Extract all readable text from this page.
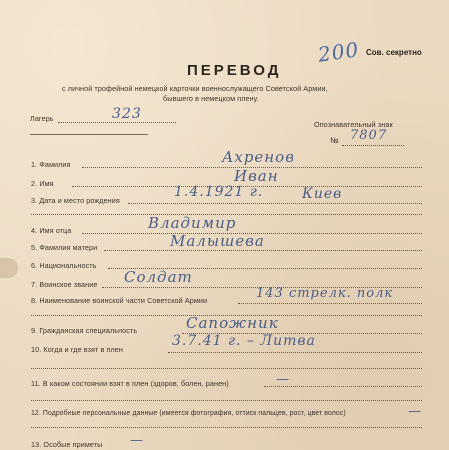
200 Сов. секретно
ПЕРЕВОД
с личной трофейной немецкой карточки военнослужащего Советской Армии,
бывшего в немецком плену.
Лагерь	323
Опознавательный знак
№ 7807
1. Фамилия	Ахренов
2. Имя	Иван
3. Дата и место рождения
1.4.1921 г.	Киев
4. Имя отца	Владимир
5. Фамилия матери	Малышева
6. Национальность
7. Воинское звание Солдат
8. Наименование воинской части Советской Армии	143 стрелк. полк
9. Гражданская специальность	Сапожник
10. Когда и где взят в плен
3.7.41 г. – Литва
11. В каком состоянии взят в плен (здоров, болен, ранен)	—
12. Подробные персональные данные (имеется фотография, оттиск пальцев, рост, цвет волос)	—
13. Особые приметы —
